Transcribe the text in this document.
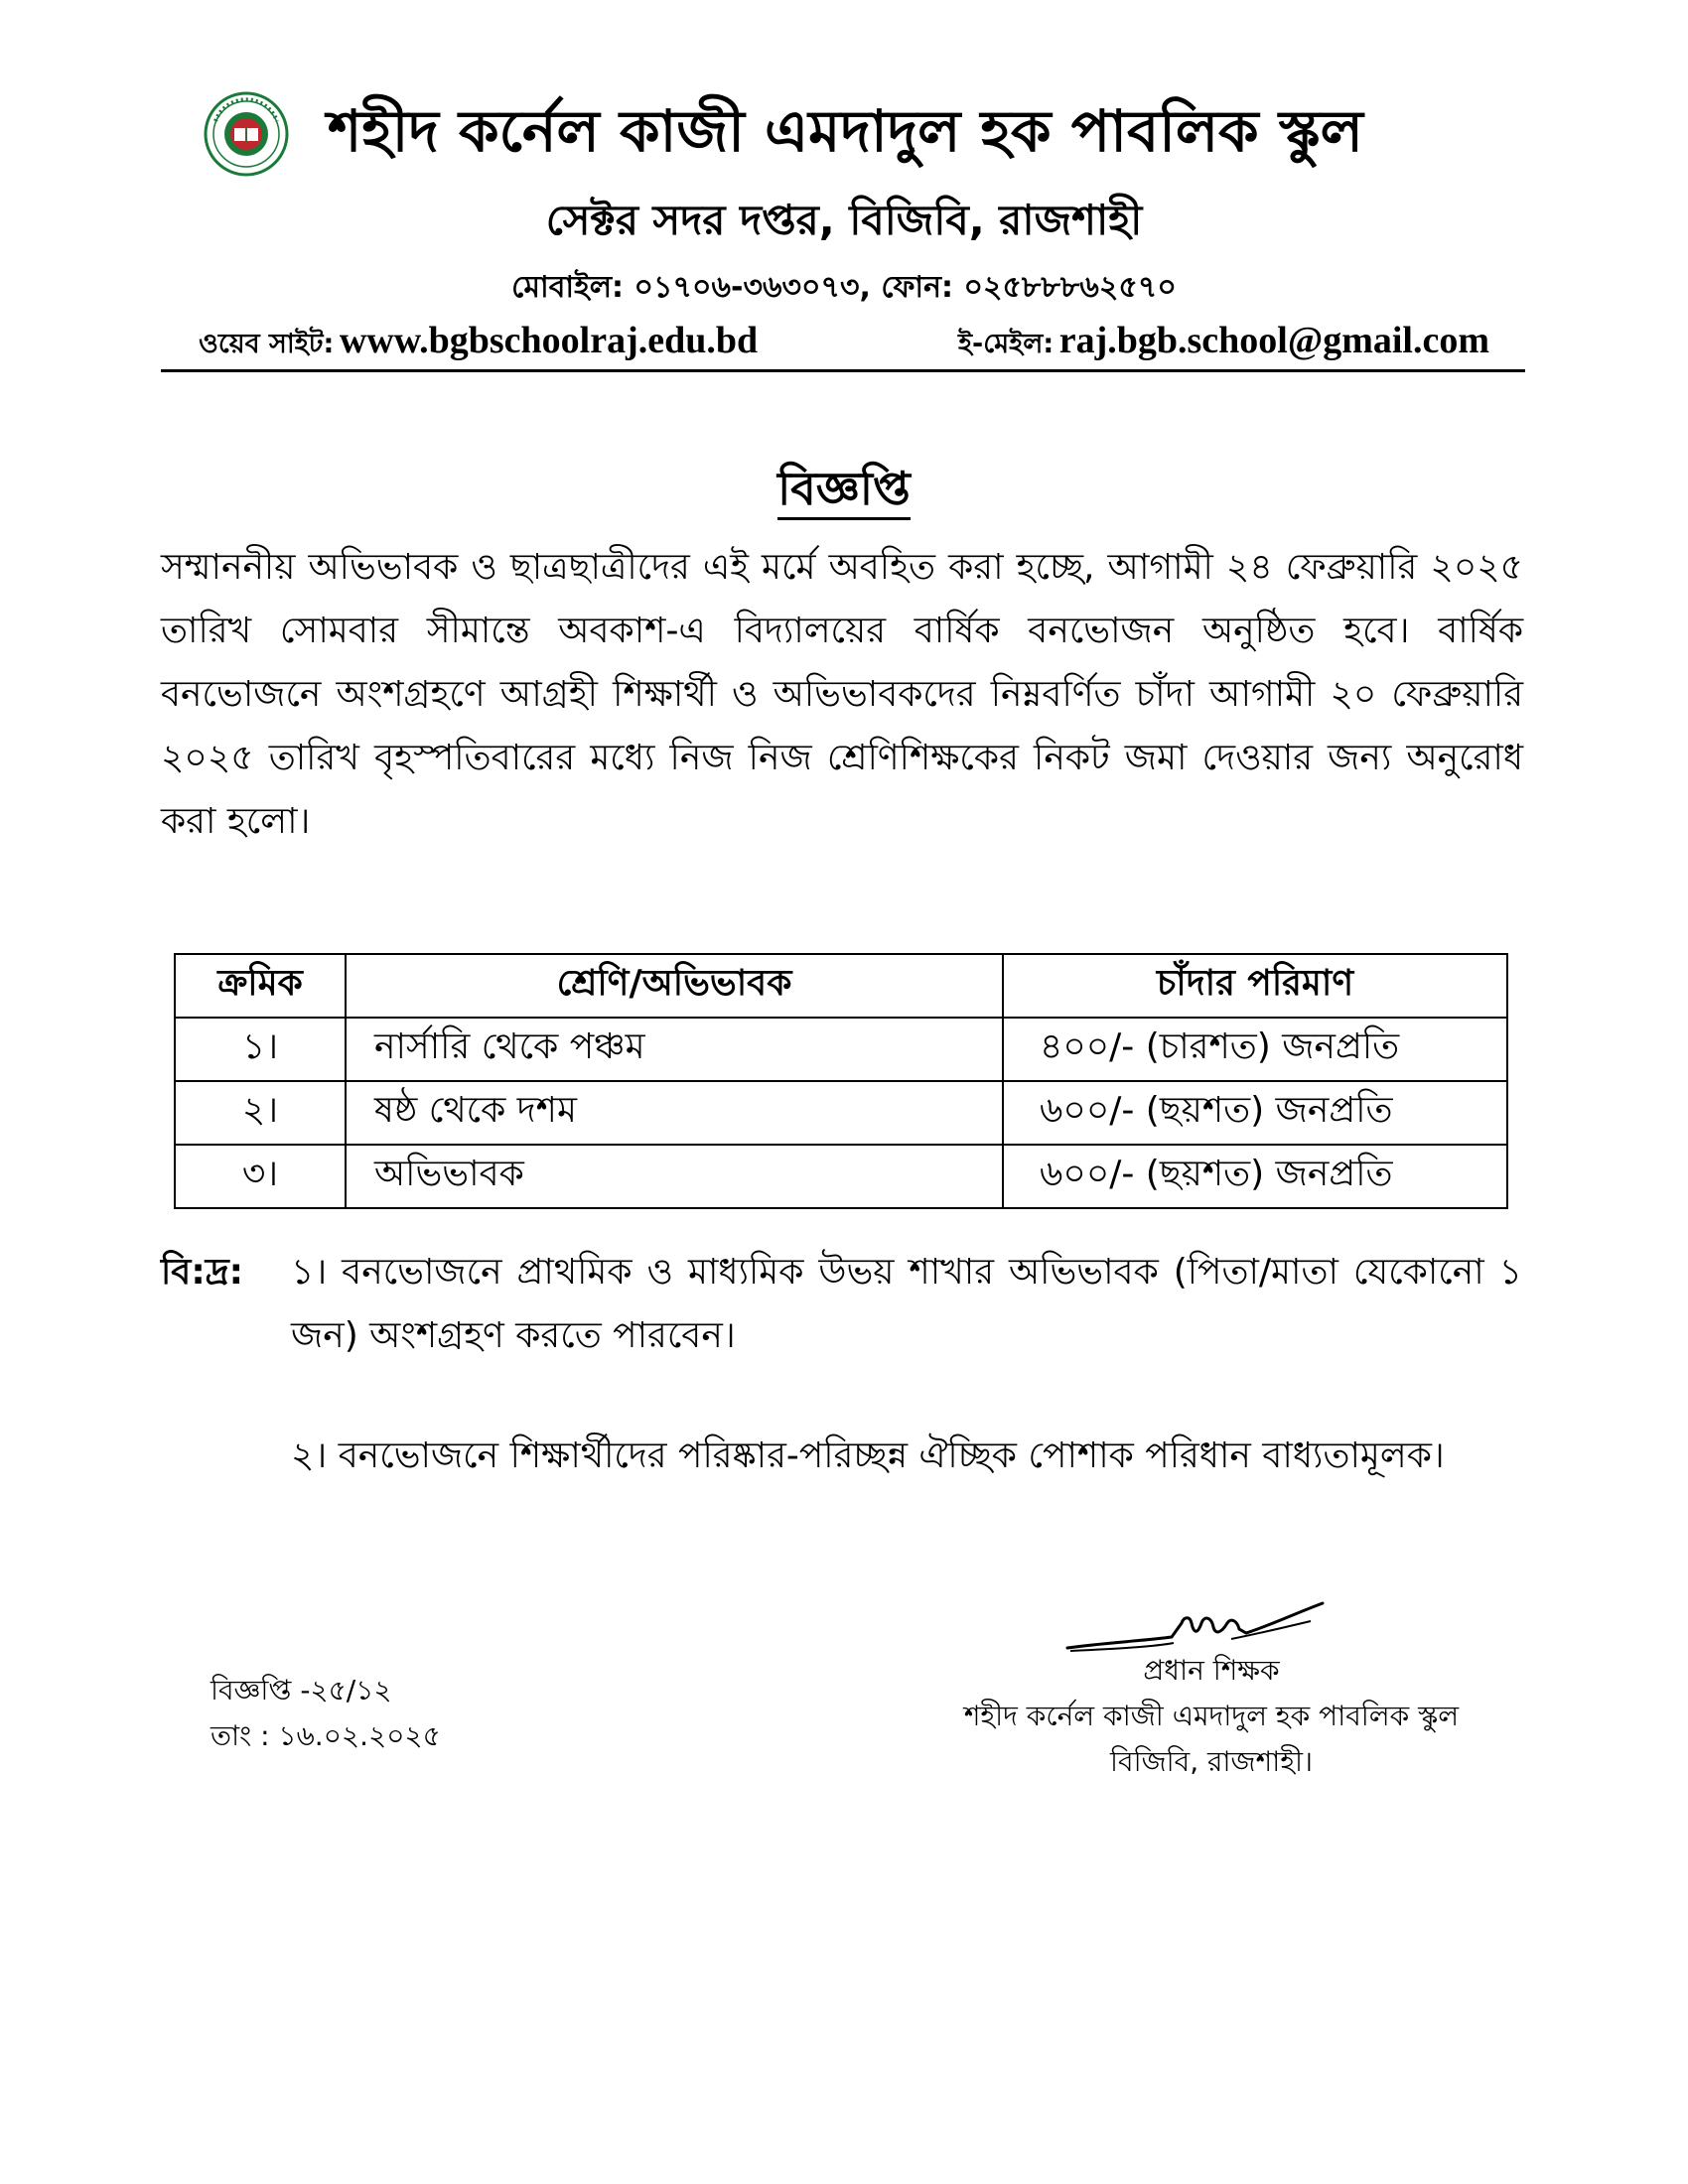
শহীদ কর্নেল কাজী এমদাদুল হক পাবলিক স্কুল
সেক্টর সদর দপ্তর, বিজিবি, রাজশাহী
মোবাইল: ০১৭০৬-৩৬৩০৭৩, ফোন: ০২৫৮৮৮৬২৫৭০
ওয়েব সাইট: www.bgbschoolraj.edu.bd	ই-মেইল: raj.bgb.school@gmail.com
বিজ্ঞপ্তি
সম্মাননীয় অভিভাবক ও ছাত্রছাত্রীদের এই মর্মে অবহিত করা হচ্ছে, আগামী ২৪ ফেব্রুয়ারি ২০২৫ তারিখ সোমবার সীমান্তে অবকাশ-এ বিদ্যালয়ের বার্ষিক বনভোজন অনুষ্ঠিত হবে। বার্ষিক বনভোজনে অংশগ্রহণে আগ্রহী শিক্ষার্থী ও অভিভাবকদের নিম্নবর্ণিত চাঁদা আগামী ২০ ফেব্রুয়ারি ২০২৫ তারিখ বৃহস্পতিবারের মধ্যে নিজ নিজ শ্রেণিশিক্ষকের নিকট জমা দেওয়ার জন্য অনুরোধ করা হলো।
ক্রমিক	শ্রেণি/অভিভাবক	চাঁদার পরিমাণ
১।	নার্সারি থেকে পঞ্চম	৪০০/- (চারশত) জনপ্রতি
২।	ষষ্ঠ থেকে দশম	৬০০/- (ছয়শত) জনপ্রতি
৩।	অভিভাবক	৬০০/- (ছয়শত) জনপ্রতি
বি:দ্র: ১। বনভোজনে প্রাথমিক ও মাধ্যমিক উভয় শাখার অভিভাবক (পিতা/মাতা যেকোনো ১ জন) অংশগ্রহণ করতে পারবেন।
২। বনভোজনে শিক্ষার্থীদের পরিষ্কার-পরিচ্ছন্ন ঐচ্ছিক পোশাক পরিধান বাধ্যতামূলক।
বিজ্ঞপ্তি -২৫/১২
তাং : ১৬.০২.২০২৫
প্রধান শিক্ষক
শহীদ কর্নেল কাজী এমদাদুল হক পাবলিক স্কুল
বিজিবি, রাজশাহী।
